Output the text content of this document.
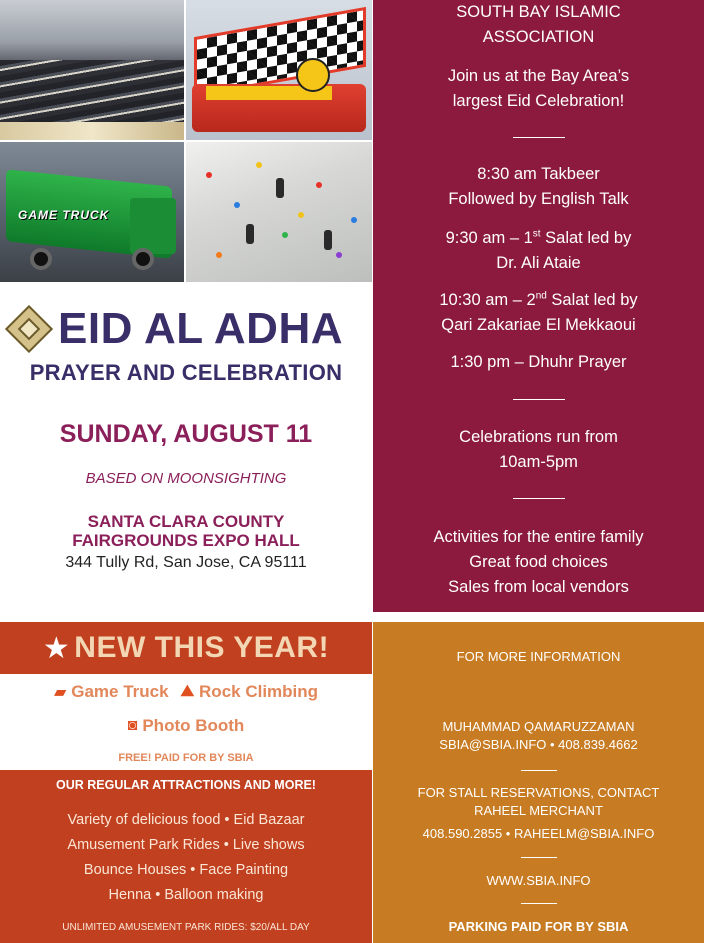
GAME TRUCK
EID AL ADHA
PRAYER AND CELEBRATION
SUNDAY, AUGUST 11
BASED ON MOONSIGHTING
SANTA CLARA COUNTY
FAIRGROUNDS EXPO HALL
344 Tully Rd, San Jose, CA 95111
SOUTH BAY ISLAMIC
ASSOCIATION
Join us at the Bay Area’s
largest Eid Celebration!
8:30 am Takbeer
Followed by English Talk
9:30 am – 1st Salat led by
Dr. Ali Ataie
10:30 am – 2nd Salat led by
Qari Zakariae El Mekkaoui
1:30 pm – Dhuhr Prayer
Celebrations run from
10am-5pm
Activities for the entire family
Great food choices
Sales from local vendors
★ NEW THIS YEAR!
▰ Game Truck ⛰ Rock Climbing
◙ Photo Booth
FREE! PAID FOR BY SBIA
OUR REGULAR ATTRACTIONS AND MORE!
Variety of delicious food • Eid Bazaar
Amusement Park Rides • Live shows
Bounce Houses • Face Painting
Henna • Balloon making
UNLIMITED AMUSEMENT PARK RIDES: $20/ALL DAY
FOR MORE INFORMATION
MUHAMMAD QAMARUZZAMAN
SBIA@SBIA.INFO • 408.839.4662
FOR STALL RESERVATIONS, CONTACT
RAHEEL MERCHANT
408.590.2855 • RAHEELM@SBIA.INFO
WWW.SBIA.INFO
PARKING PAID FOR BY SBIA
